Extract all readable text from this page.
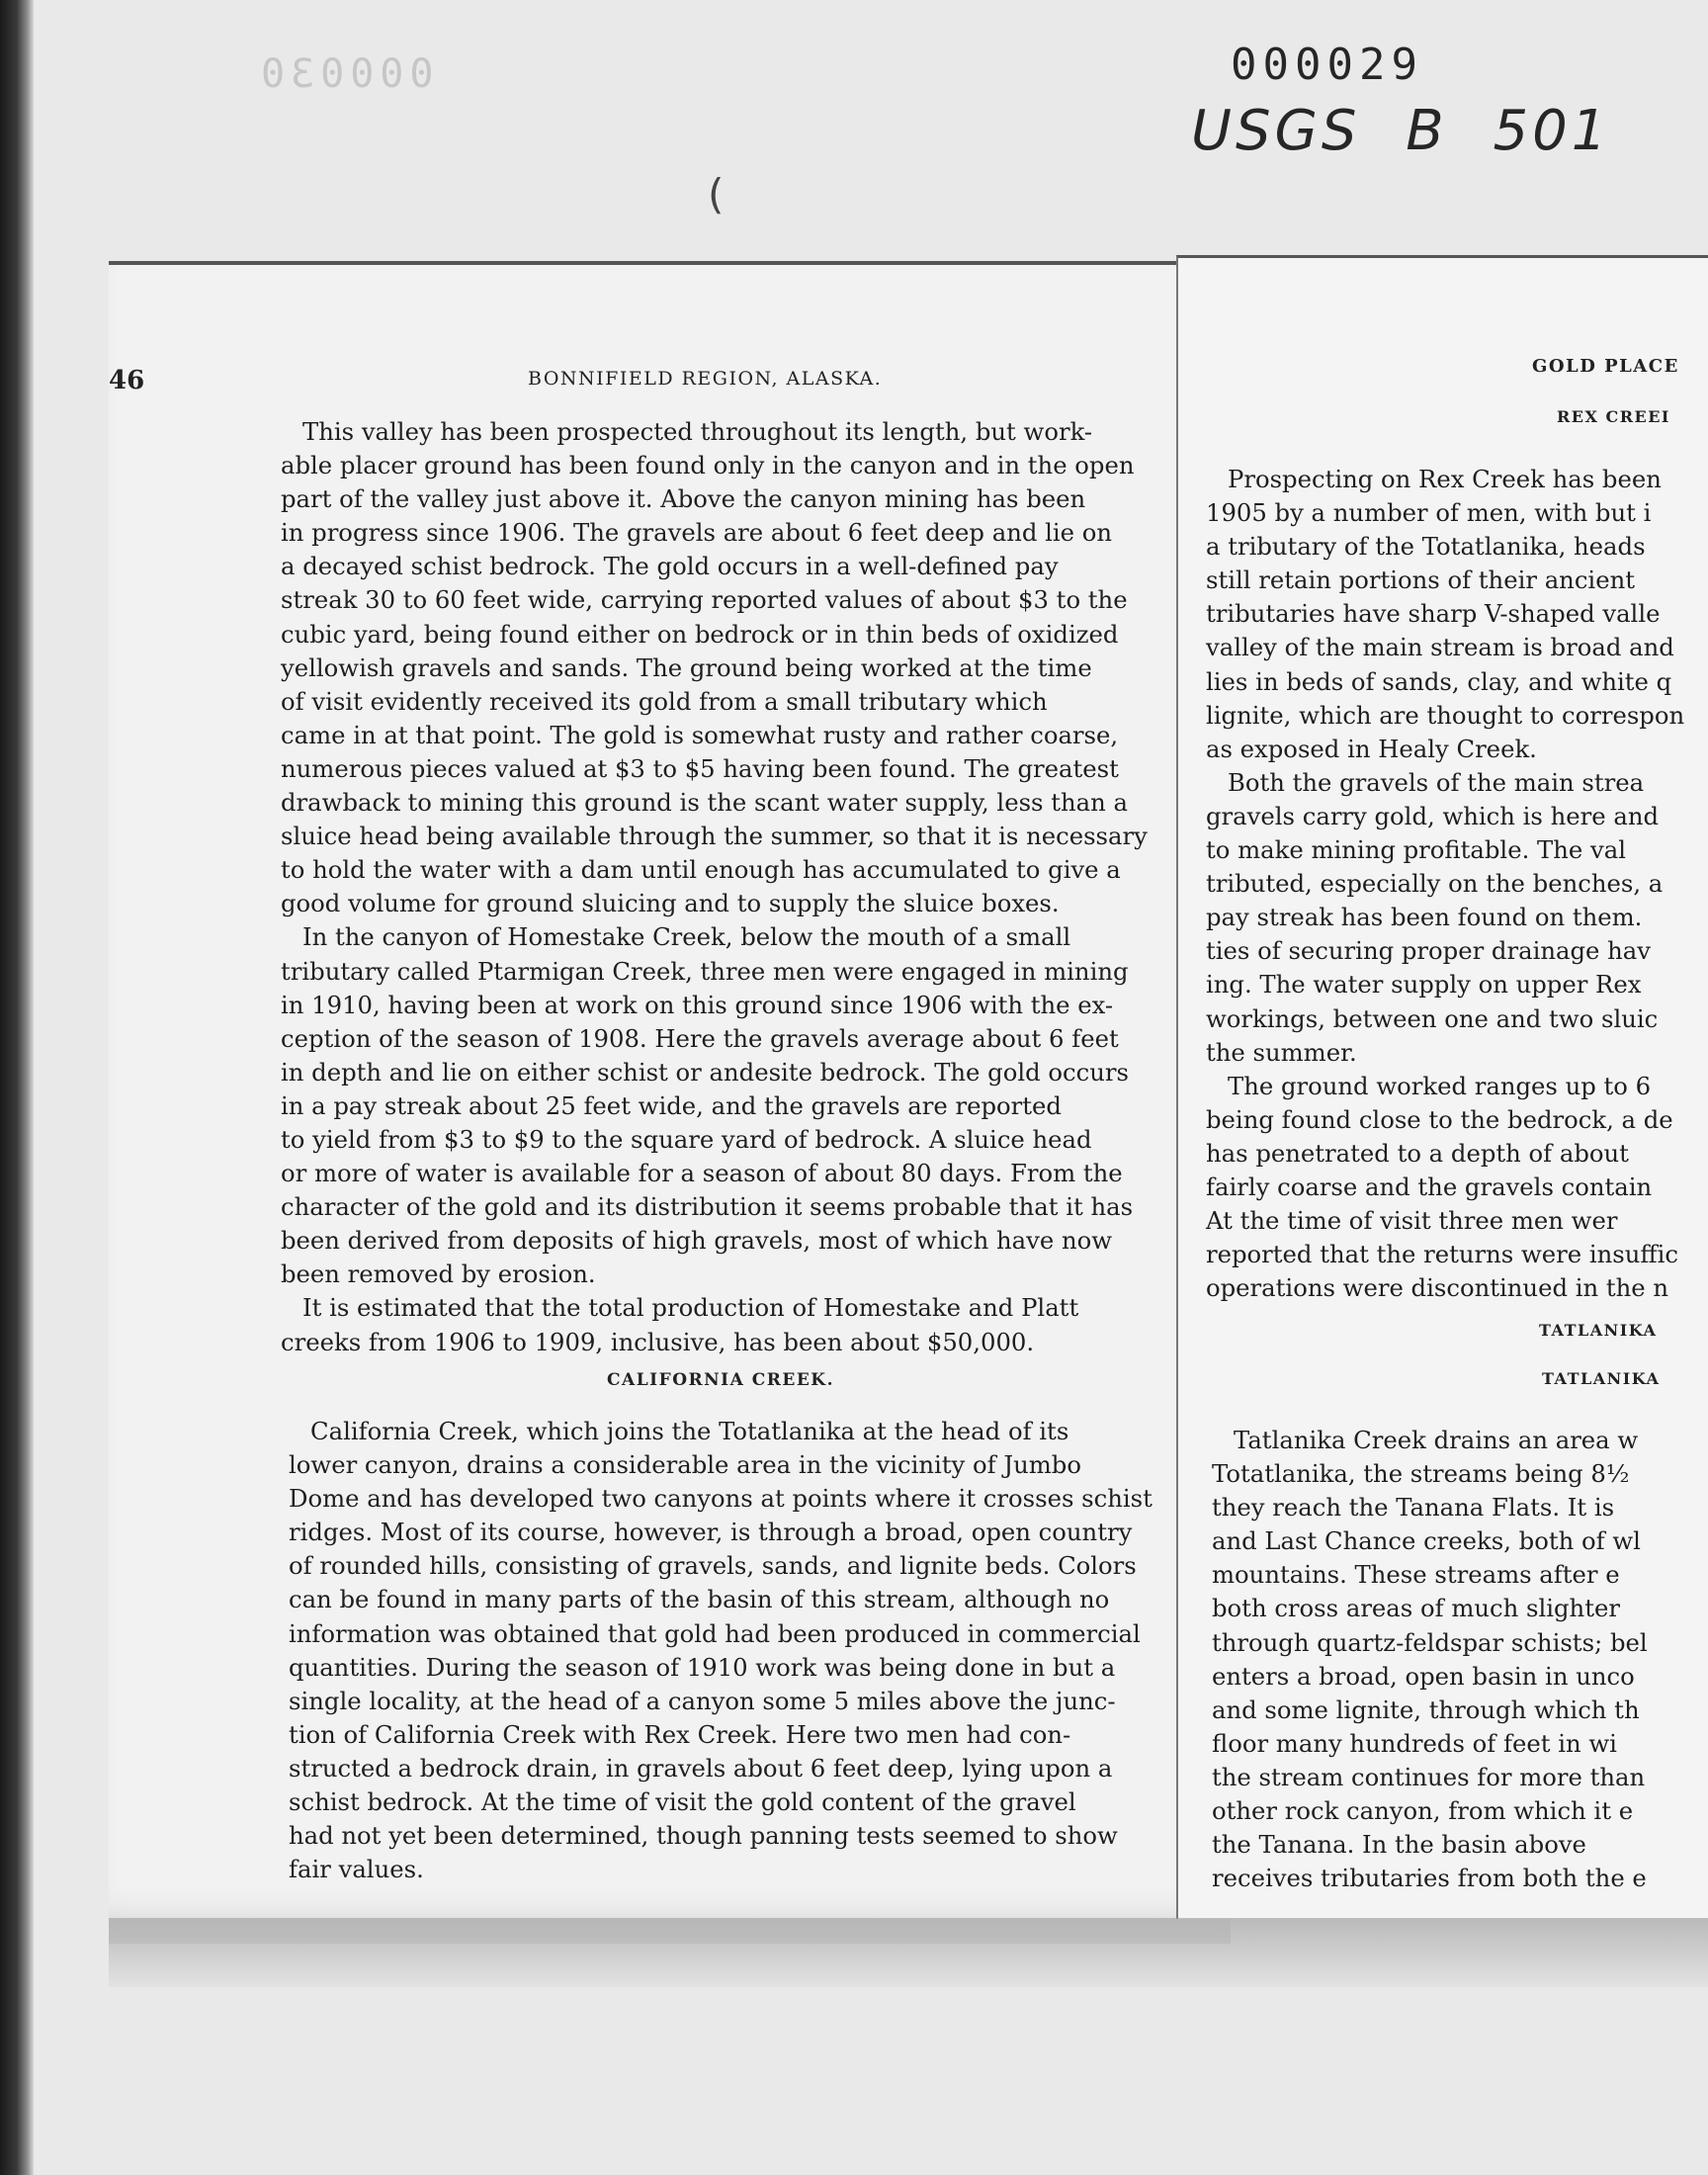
000030	000029
USGS B 501
(
46	BONNIFIELD REGION, ALASKA.
This valley has been prospected throughout its length, but work-
able placer ground has been found only in the canyon and in the open
part of the valley just above it. Above the canyon mining has been
in progress since 1906. The gravels are about 6 feet deep and lie on
a decayed schist bedrock. The gold occurs in a well-defined pay
streak 30 to 60 feet wide, carrying reported values of about $3 to the
cubic yard, being found either on bedrock or in thin beds of oxidized
yellowish gravels and sands. The ground being worked at the time
of visit evidently received its gold from a small tributary which
came in at that point. The gold is somewhat rusty and rather coarse,
numerous pieces valued at $3 to $5 having been found. The greatest
drawback to mining this ground is the scant water supply, less than a
sluice head being available through the summer, so that it is necessary
to hold the water with a dam until enough has accumulated to give a
good volume for ground sluicing and to supply the sluice boxes.
In the canyon of Homestake Creek, below the mouth of a small
tributary called Ptarmigan Creek, three men were engaged in mining
in 1910, having been at work on this ground since 1906 with the ex-
ception of the season of 1908. Here the gravels average about 6 feet
in depth and lie on either schist or andesite bedrock. The gold occurs
in a pay streak about 25 feet wide, and the gravels are reported
to yield from $3 to $9 to the square yard of bedrock. A sluice head
or more of water is available for a season of about 80 days. From the
character of the gold and its distribution it seems probable that it has
been derived from deposits of high gravels, most of which have now
been removed by erosion.
It is estimated that the total production of Homestake and Platt
creeks from 1906 to 1909, inclusive, has been about $50,000.
CALIFORNIA CREEK.
California Creek, which joins the Totatlanika at the head of its
lower canyon, drains a considerable area in the vicinity of Jumbo
Dome and has developed two canyons at points where it crosses schist
ridges. Most of its course, however, is through a broad, open country
of rounded hills, consisting of gravels, sands, and lignite beds. Colors
can be found in many parts of the basin of this stream, although no
information was obtained that gold had been produced in commercial
quantities. During the season of 1910 work was being done in but a
single locality, at the head of a canyon some 5 miles above the junc-
tion of California Creek with Rex Creek. Here two men had con-
structed a bedrock drain, in gravels about 6 feet deep, lying upon a
schist bedrock. At the time of visit the gold content of the gravel
had not yet been determined, though panning tests seemed to show
fair values.
GOLD PLACE
REX CREEI
Prospecting on Rex Creek has been
1905 by a number of men, with but i
a tributary of the Totatlanika, heads
still retain portions of their ancient
tributaries have sharp V-shaped valle
valley of the main stream is broad and
lies in beds of sands, clay, and white q
lignite, which are thought to correspon
as exposed in Healy Creek.
Both the gravels of the main strea
gravels carry gold, which is here and
to make mining profitable. The val
tributed, especially on the benches, a
pay streak has been found on them.
ties of securing proper drainage hav
ing. The water supply on upper Rex
workings, between one and two sluic
the summer.
The ground worked ranges up to 6
being found close to the bedrock, a de
has penetrated to a depth of about
fairly coarse and the gravels contain
At the time of visit three men wer
reported that the returns were insuffic
operations were discontinued in the n
TATLANIKA
TATLANIKA
Tatlanika Creek drains an area w
Totatlanika, the streams being 8½
they reach the Tanana Flats. It is
and Last Chance creeks, both of wl
mountains. These streams after e
both cross areas of much slighter
through quartz-feldspar schists; bel
enters a broad, open basin in unco
and some lignite, through which th
floor many hundreds of feet in wi
the stream continues for more than
other rock canyon, from which it e
the Tanana. In the basin above
receives tributaries from both the e
